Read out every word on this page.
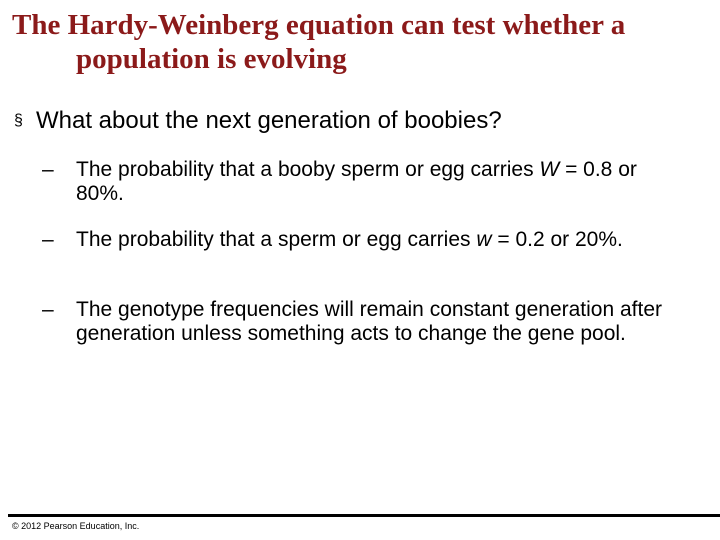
The Hardy-Weinberg equation can test whether a
population is evolving
§ What about the next generation of boobies?
–	The probability that a booby sperm or egg carries W = 0.8 or 80%.
–	The probability that a sperm or egg carries w = 0.2 or 20%.
–	The genotype frequencies will remain constant generation after generation unless something acts to change the gene pool.
© 2012 Pearson Education, Inc.
